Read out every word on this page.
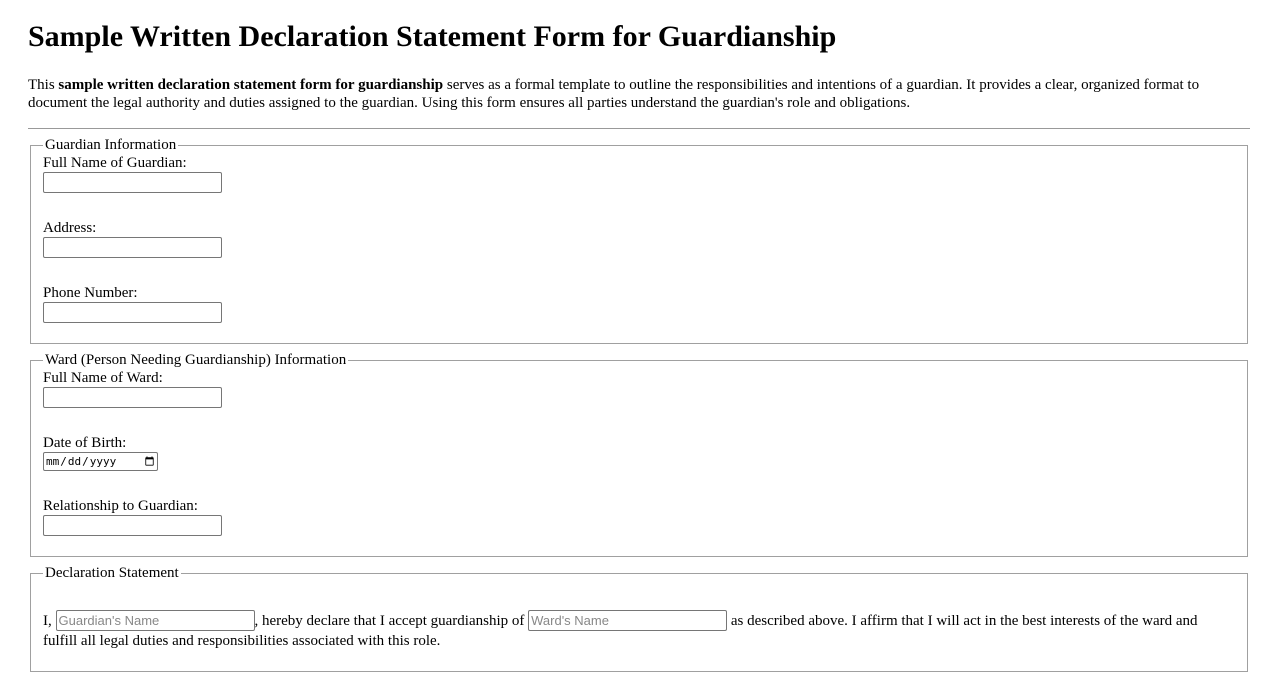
Sample Written Declaration Statement Form for Guardianship

This sample written declaration statement form for guardianship serves as a formal template to outline the responsibilities and intentions of a guardian. It provides a clear, organized format to document the legal authority and duties assigned to the guardian. Using this form ensures all parties understand the guardian's role and obligations.

Guardian Information
Full Name of Guardian:

Address:

Phone Number:

Ward (Person Needing Guardianship) Information
Full Name of Ward:

Date of Birth:

Relationship to Guardian:

Declaration Statement
I, Guardian's Name	, hereby declare that I accept guardianship of Ward's Name	as described above. I affirm that I will act in the best interests of the ward and fulfill all legal duties and responsibilities associated with this role.
